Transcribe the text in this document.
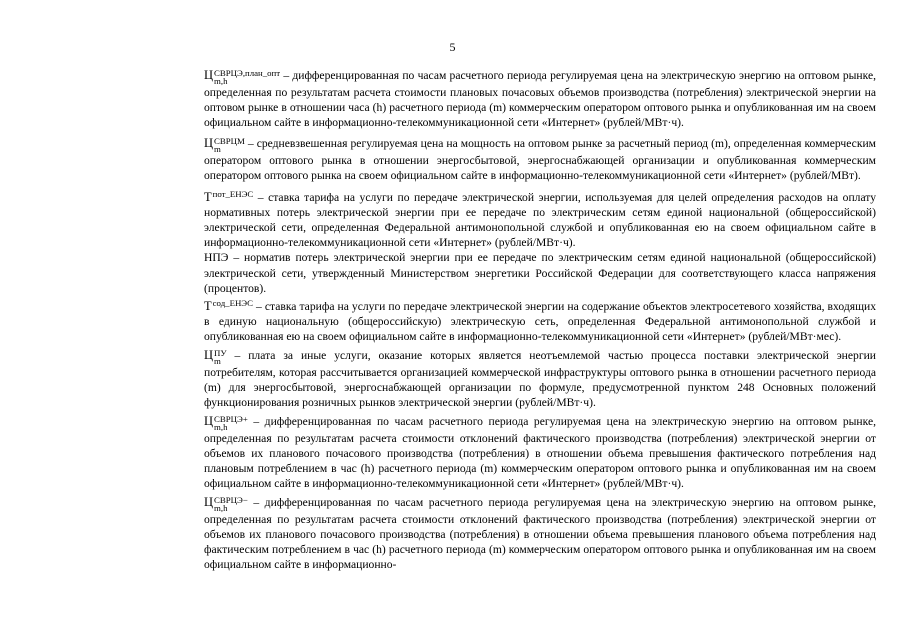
5

Ц СВРЦЭ,план_опт
m,h	– дифференцированная по часам расчетного периода регулируемая цена на электрическую энергию на оптовом рынке, определенная по результатам расчета стоимости плановых почасовых объемов производства (потребления) электрической энергии на оптовом рынке в отношении часа (h) расчетного периода (m) коммерческим оператором оптового рынка и опубликованная им на своем официальном сайте в информационно-телекоммуникационной сети «Интернет» (рублей/МВт·ч).

Ц СВРЦМ
m	– средневзвешенная регулируемая цена на мощность на оптовом рынке за расчетный период (m), определенная коммерческим оператором оптового рынка в отношении энергосбытовой, энергоснабжающей организации и опубликованная коммерческим оператором оптового рынка на своем официальном сайте в информационно-телекоммуникационной сети «Интернет» (рублей/МВт).

$Т^{пот\_ЕНЭС}$ – ставка тарифа на услуги по передаче электрической энергии, используемая для целей определения расходов на оплату нормативных потерь электрической энергии при ее передаче по электрическим сетям единой национальной (общероссийской) электрической сети, определенная Федеральной антимонопольной службой и опубликованная ею на своем официальном сайте в информационно-телекоммуникационной сети «Интернет» (рублей/МВт·ч).

НПЭ – норматив потерь электрической энергии при ее передаче по электрическим сетям единой национальной (общероссийской) электрической сети, утвержденный Министерством энергетики Российской Федерации для соответствующего класса напряжения (процентов).

$Т^{сод\_ЕНЭС}$ – ставка тарифа на услуги по передаче электрической энергии на содержание объектов электросетевого хозяйства, входящих в единую национальную (общероссийскую) электрическую сеть, определенная Федеральной антимонопольной службой и опубликованная ею на своем официальном сайте в информационно-телекоммуникационной сети «Интернет» (рублей/МВт·мес).

Ц ПУ
m – плата за иные услуги, оказание которых является неотъемлемой частью процесса поставки электрической энергии потребителям, которая рассчитывается организацией коммерческой инфраструктуры оптового рынка в отношении расчетного периода (m) для энергосбытовой, энергоснабжающей организации по формуле, предусмотренной пунктом 248 Основных положений функционирования розничных рынков электрической энергии (рублей/МВт·ч).

Ц СВРЦЭ+
m,h	– дифференцированная по часам расчетного периода регулируемая цена на электрическую энергию на оптовом рынке, определенная по результатам расчета стоимости отклонений фактического производства (потребления) электрической энергии от объемов их планового почасового производства (потребления) в отношении объема превышения фактического потребления над плановым потреблением в час (h) расчетного периода (m) коммерческим оператором оптового рынка и опубликованная им на своем официальном сайте в информационно-телекоммуникационной сети «Интернет» (рублей/МВт·ч).

Ц СВРЦЭ−
m,h	– дифференцированная по часам расчетного периода регулируемая цена на электрическую энергию на оптовом рынке, определенная по результатам расчета стоимости отклонений фактического производства (потребления) электрической энергии от объемов их планового почасового производства (потребления) в отношении объема превышения планового объема потребления над фактическим потреблением в час (h) расчетного периода (m) коммерческим оператором оптового рынка и опубликованная им на своем официальном сайте в информационно-
